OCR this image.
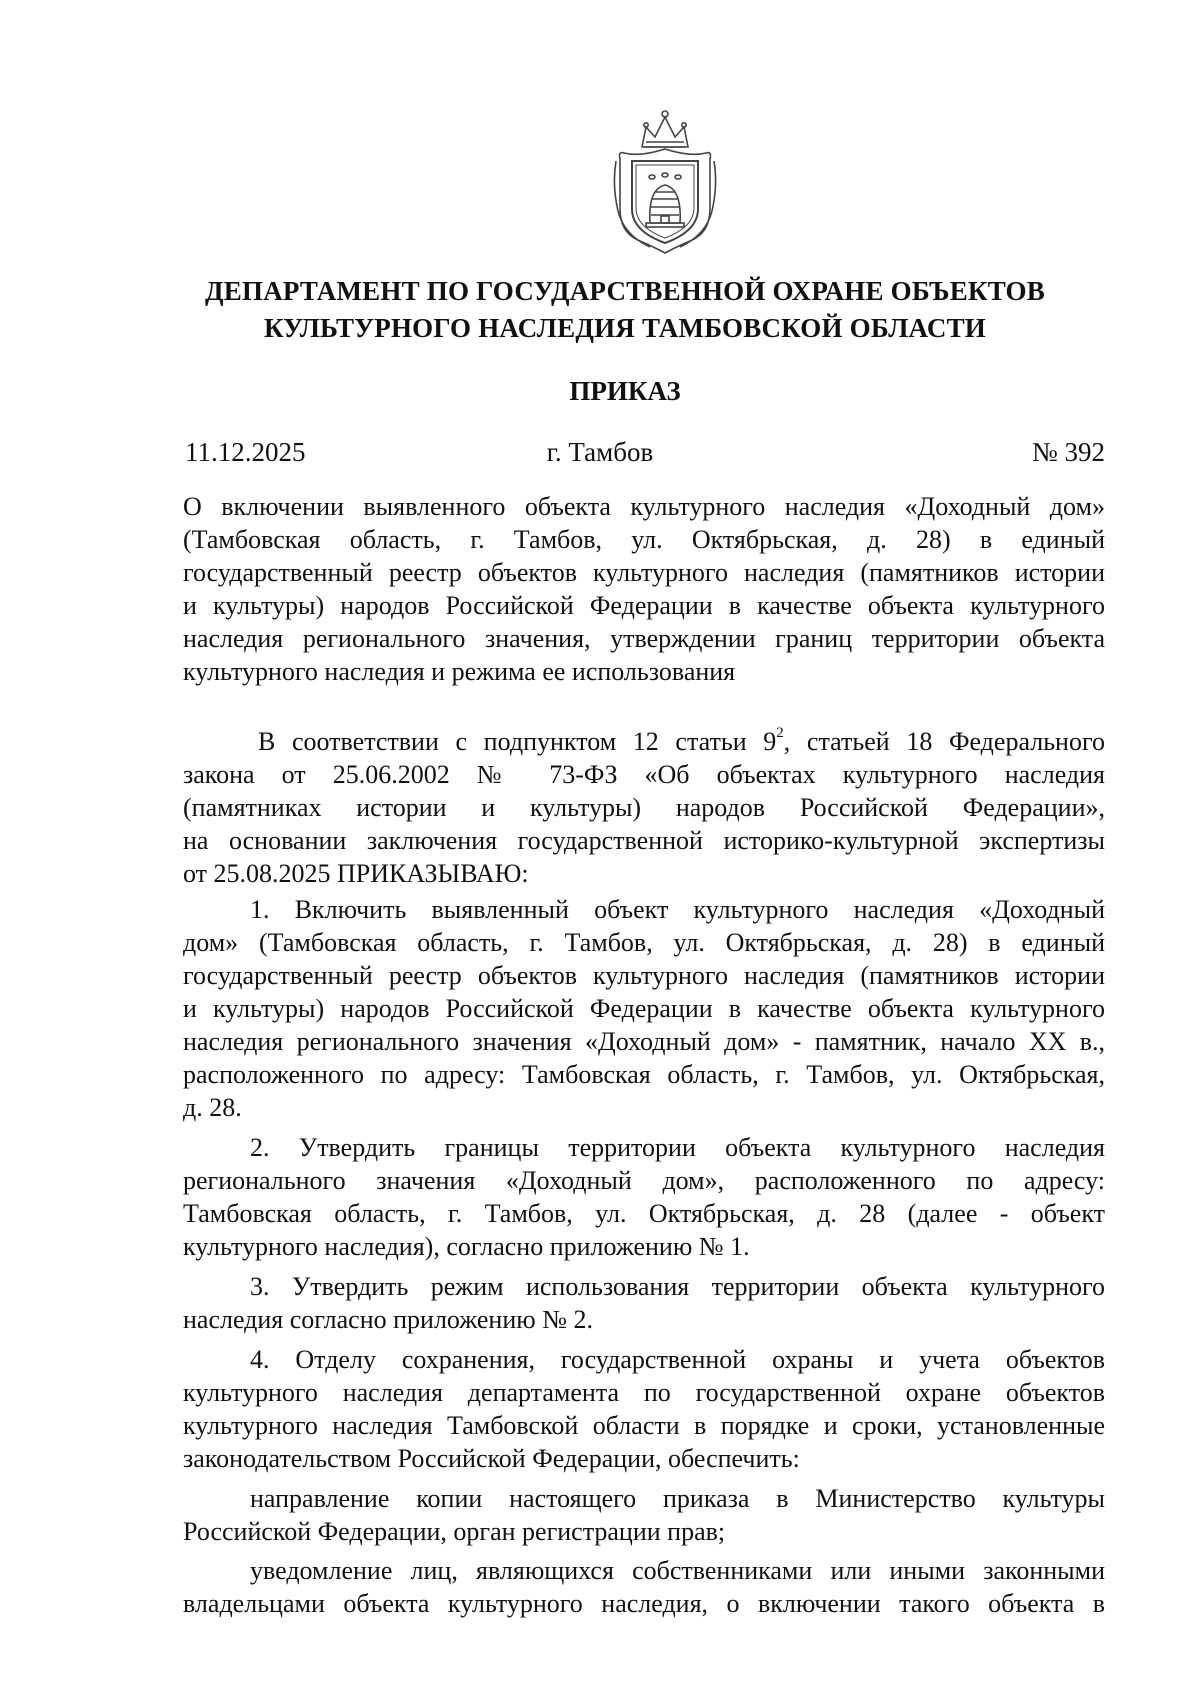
ДЕПАРТАМЕНТ ПО ГОСУДАРСТВЕННОЙ ОХРАНЕ ОБЪЕКТОВ
КУЛЬТУРНОГО НАСЛЕДИЯ ТАМБОВСКОЙ ОБЛАСТИ
ПРИКАЗ
11.12.2025	г. Тамбов	№ 392
О включении выявленного объекта культурного наследия «Доходный дом»
(Тамбовская область, г. Тамбов, ул. Октябрьская, д. 28) в единый
государственный реестр объектов культурного наследия (памятников истории
и культуры) народов Российской Федерации в качестве объекта культурного
наследия регионального значения, утверждении границ территории объекта
культурного наследия и режима ее использования
В соответствии с подпунктом 12 статьи $9^2$, статьей 18 Федерального
закона от 25.06.2002 № 73-ФЗ «Об объектах культурного наследия
(памятниках истории и культуры) народов Российской Федерации»,
на основании заключения государственной историко-культурной экспертизы
от 25.08.2025 ПРИКАЗЫВАЮ:
1. Включить выявленный объект культурного наследия «Доходный
дом» (Тамбовская область, г. Тамбов, ул. Октябрьская, д. 28) в единый
государственный реестр объектов культурного наследия (памятников истории
и культуры) народов Российской Федерации в качестве объекта культурного
наследия регионального значения «Доходный дом» - памятник, начало XX в.,
расположенного по адресу: Тамбовская область, г. Тамбов, ул. Октябрьская,
д. 28.
2. Утвердить границы территории объекта культурного наследия
регионального значения «Доходный дом», расположенного по адресу:
Тамбовская область, г. Тамбов, ул. Октябрьская, д. 28 (далее - объект
культурного наследия), согласно приложению № 1.
3. Утвердить режим использования территории объекта культурного
наследия согласно приложению № 2.
4. Отделу сохранения, государственной охраны и учета объектов
культурного наследия департамента по государственной охране объектов
культурного наследия Тамбовской области в порядке и сроки, установленные
законодательством Российской Федерации, обеспечить:
направление копии настоящего приказа в Министерство культуры
Российской Федерации, орган регистрации прав;
уведомление лиц, являющихся собственниками или иными законными
владельцами объекта культурного наследия, о включении такого объекта в
